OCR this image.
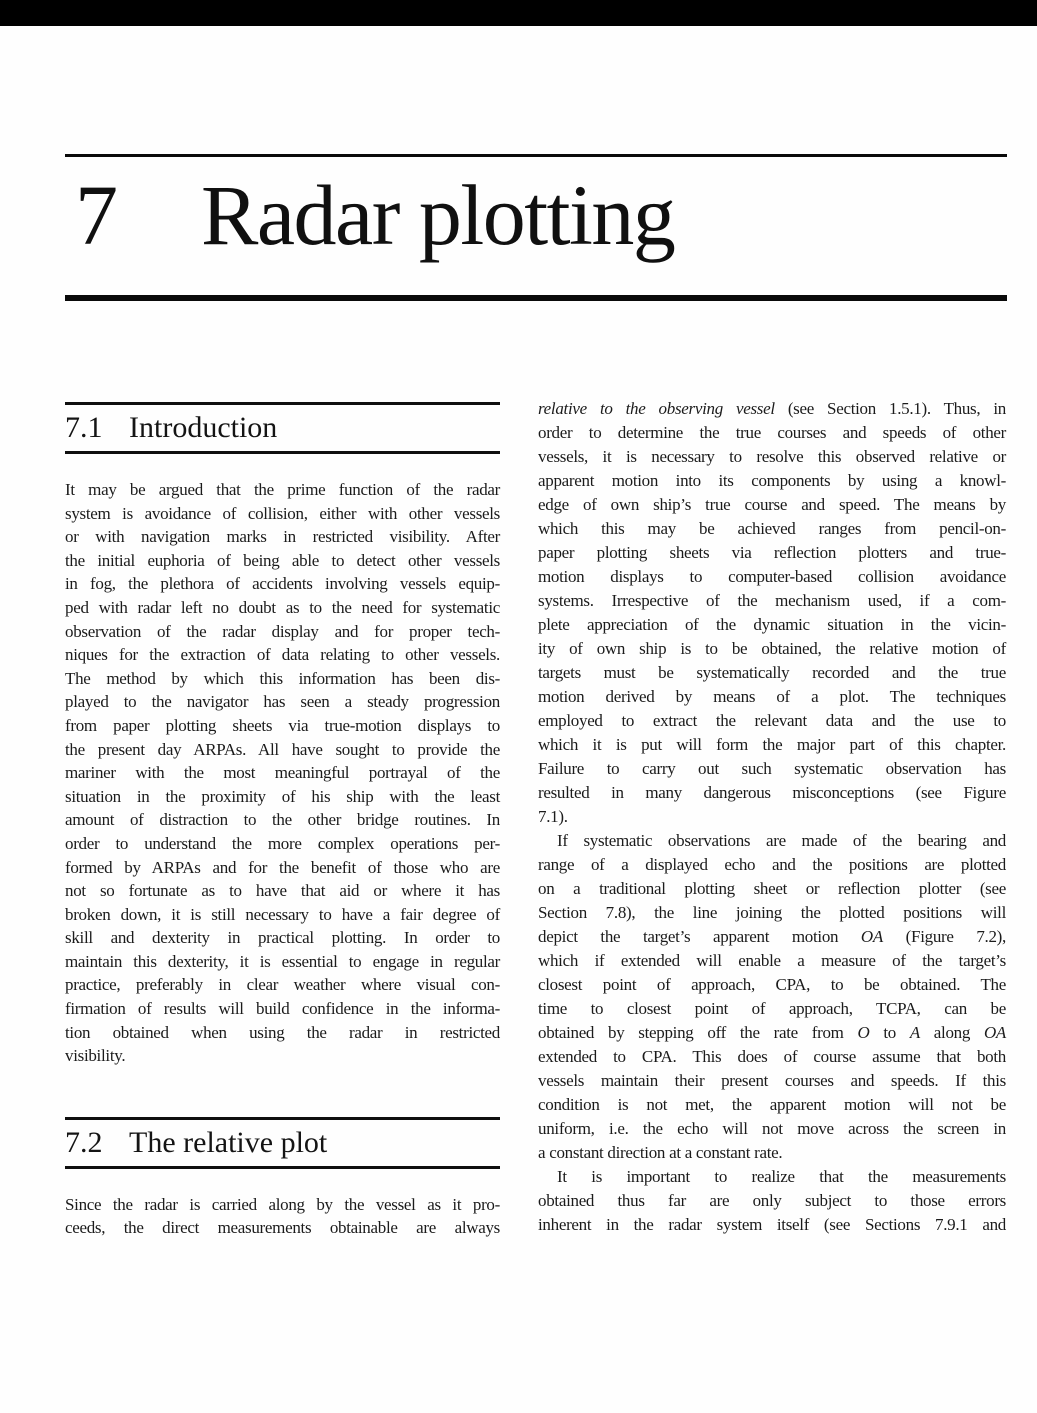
7 Radar plotting
7.1 Introduction
It may be argued that the prime function of the radar
system is avoidance of collision, either with other vessels
or with navigation marks in restricted visibility. After
the initial euphoria of being able to detect other vessels
in fog, the plethora of accidents involving vessels equip-
ped with radar left no doubt as to the need for systematic
observation of the radar display and for proper tech-
niques for the extraction of data relating to other vessels.
The method by which this information has been dis-
played to the navigator has seen a steady progression
from paper plotting sheets via true-motion displays to
the present day ARPAs. All have sought to provide the
mariner with the most meaningful portrayal of the
situation in the proximity of his ship with the least
amount of distraction to the other bridge routines. In
order to understand the more complex operations per-
formed by ARPAs and for the benefit of those who are
not so fortunate as to have that aid or where it has
broken down, it is still necessary to have a fair degree of
skill and dexterity in practical plotting. In order to
maintain this dexterity, it is essential to engage in regular
practice, preferably in clear weather where visual con-
firmation of results will build confidence in the informa-
tion obtained when using the radar in restricted
visibility.
7.2 The relative plot
Since the radar is carried along by the vessel as it pro-
ceeds, the direct measurements obtainable are always
relative to the observing vessel (see Section 1.5.1). Thus, in
order to determine the true courses and speeds of other
vessels, it is necessary to resolve this observed relative or
apparent motion into its components by using a knowl-
edge of own ship’s true course and speed. The means by
which this may be achieved ranges from pencil-on-
paper plotting sheets via reflection plotters and true-
motion displays to computer-based collision avoidance
systems. Irrespective of the mechanism used, if a com-
plete appreciation of the dynamic situation in the vicin-
ity of own ship is to be obtained, the relative motion of
targets must be systematically recorded and the true
motion derived by means of a plot. The techniques
employed to extract the relevant data and the use to
which it is put will form the major part of this chapter.
Failure to carry out such systematic observation has
resulted in many dangerous misconceptions (see Figure
7.1).
If systematic observations are made of the bearing and
range of a displayed echo and the positions are plotted
on a traditional plotting sheet or reflection plotter (see
Section 7.8), the line joining the plotted positions will
depict the target’s apparent motion OA (Figure 7.2),
which if extended will enable a measure of the target’s
closest point of approach, CPA, to be obtained. The
time to closest point of approach, TCPA, can be
obtained by stepping off the rate from O to A along OA
extended to CPA. This does of course assume that both
vessels maintain their present courses and speeds. If this
condition is not met, the apparent motion will not be
uniform, i.e. the echo will not move across the screen in
a constant direction at a constant rate.
It is important to realize that the measurements
obtained thus far are only subject to those errors
inherent in the radar system itself (see Sections 7.9.1 and
